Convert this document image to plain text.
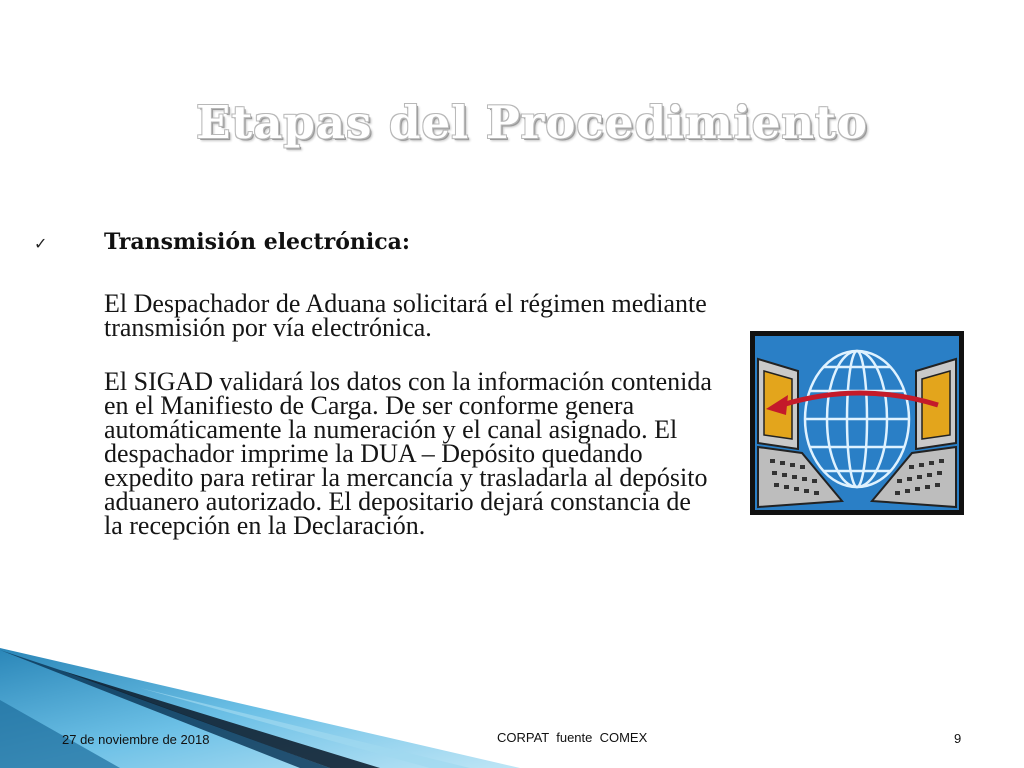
Etapas del Procedimiento
✓	Transmisión electrónica:

El Despachador de Aduana solicitará el régimen mediante transmisión por vía electrónica.

El SIGAD validará los datos con la información contenida en el Manifiesto de Carga. De ser conforme genera automáticamente la numeración y el canal asignado. El despachador imprime la DUA – Depósito quedando expedito para retirar la mercancía y trasladarla al depósito aduanero autorizado. El depositario dejará constancia de la recepción en la Declaración.

27 de noviembre de 2018	CORPAT  fuente  COMEX	9
